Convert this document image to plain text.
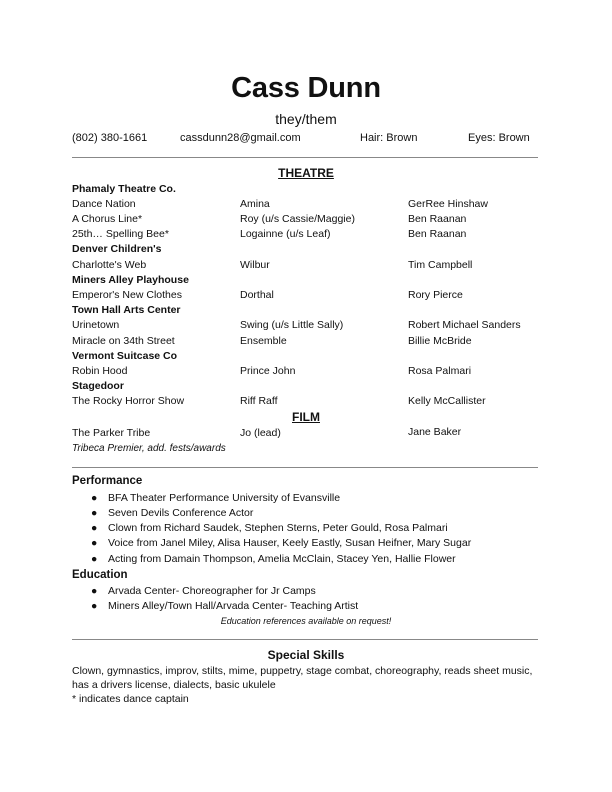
Cass Dunn
they/them
(802) 380-1661	cassdunn28@gmail.com	Hair: Brown	Eyes: Brown
THEATRE
Phamaly Theatre Co.
Dance Nation	Amina	GerRee Hinshaw
A Chorus Line*	Roy (u/s Cassie/Maggie)	Ben Raanan
25th… Spelling Bee*	Logainne (u/s Leaf)	Ben Raanan
Denver Children's
Charlotte's Web	Wilbur	Tim Campbell
Miners Alley Playhouse
Emperor's New Clothes	Dorthal	Rory Pierce
Town Hall Arts Center
Urinetown	Swing (u/s Little Sally)	Robert Michael Sanders
Miracle on 34th Street	Ensemble	Billie McBride
Vermont Suitcase Co
Robin Hood	Prince John	Rosa Palmari
Stagedoor
The Rocky Horror Show	Riff Raff	Kelly McCallister
FILM
The Parker Tribe	Jo (lead)	Jane Baker
Tribeca Premier, add. fests/awards
Performance
● BFA Theater Performance University of Evansville
● Seven Devils Conference Actor
● Clown from Richard Saudek, Stephen Sterns, Peter Gould, Rosa Palmari
● Voice from Janel Miley, Alisa Hauser, Keely Eastly, Susan Heifner, Mary Sugar
● Acting from Damain Thompson, Amelia McClain, Stacey Yen, Hallie Flower
Education
● Arvada Center- Choreographer for Jr Camps
● Miners Alley/Town Hall/Arvada Center- Teaching Artist
Education references available on request!
Special Skills
Clown, gymnastics, improv, stilts, mime, puppetry, stage combat, choreography, reads sheet music,
has a drivers license, dialects, basic ukulele
* indicates dance captain
